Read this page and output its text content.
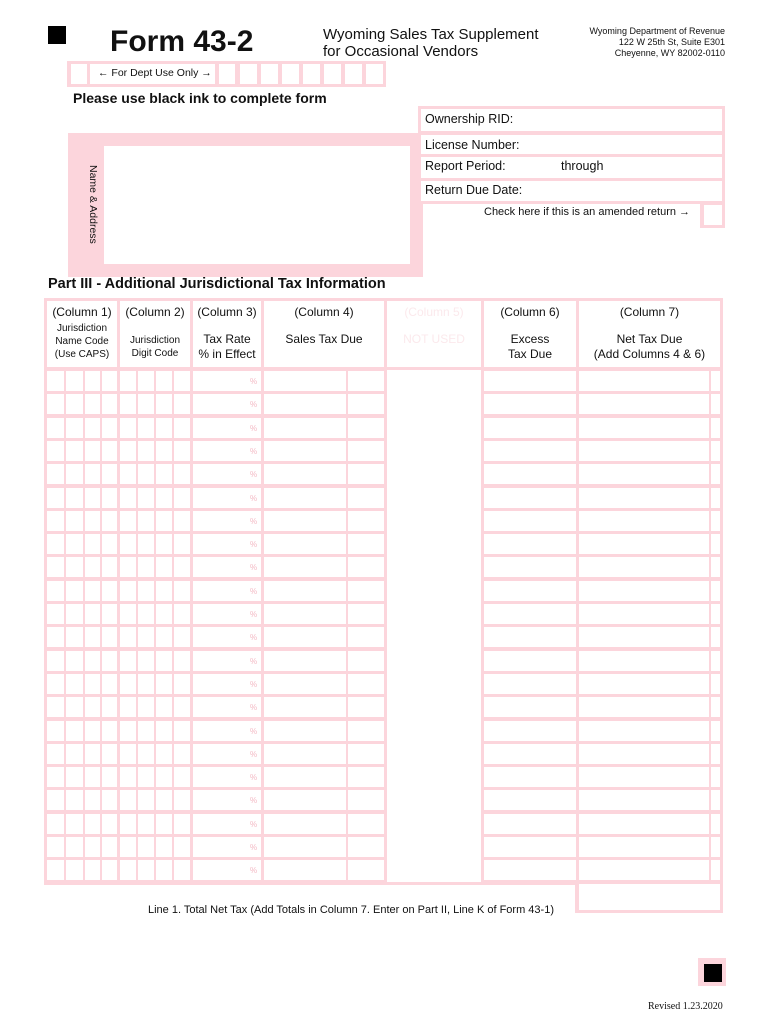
Form 43-2	Wyoming Sales Tax Supplement
for Occasional Vendors
Wyoming Department of Revenue
122 W 25th St, Suite E301
Cheyenne, WY 82002-0110
← For Dept Use Only →
Please use black ink to complete form
Name & Address
Ownership RID:
License Number:
Report Period:	through
Return Due Date:
Check here if this is an amended return →
Part III - Additional Jurisdictional Tax Information
(Column 1)
Jurisdiction
Name Code
(Use CAPS)
(Column 2)
Jurisdiction
Digit Code
(Column 3)
Tax Rate
% in Effect
(Column 4)
Sales Tax Due
(Column 5)
NOT USED
(Column 6)
Excess
Tax Due
(Column 7)
Net Tax Due
(Add Columns 4 & 6)
%
%
%
%
%
%
%
%
%
%
%
%
%
%
%
%
%
%
%
%
%
%
Line 1. Total Net Tax (Add Totals in Column 7. Enter on Part II, Line K of Form 43-1)
Revised 1.23.2020
